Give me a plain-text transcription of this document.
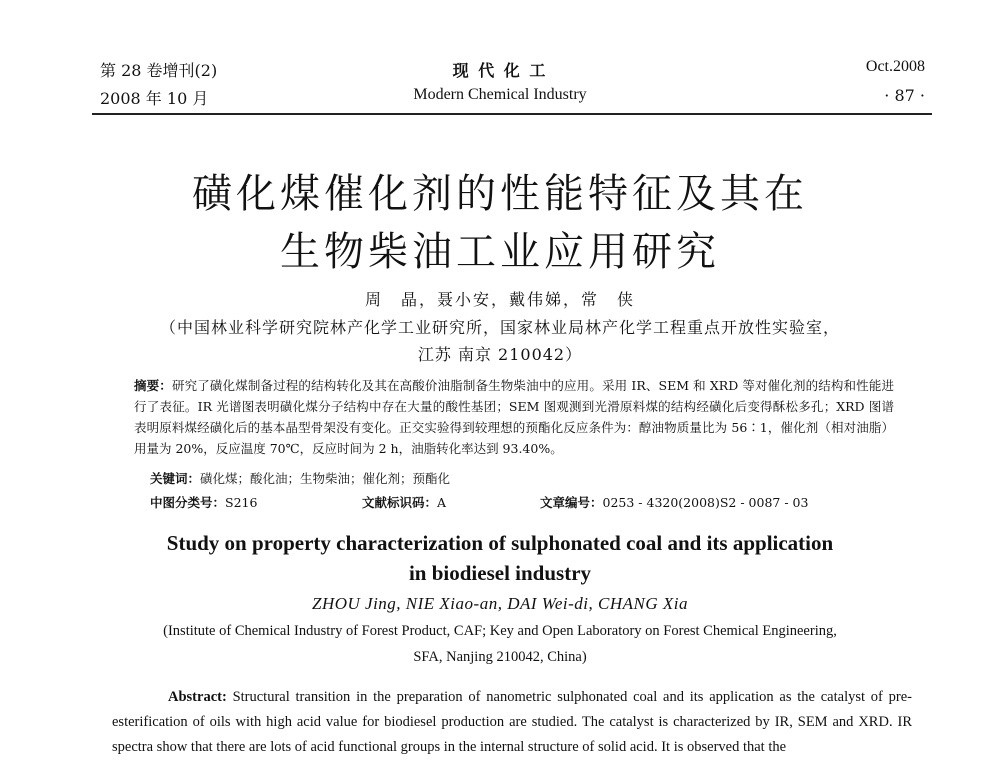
第 28 卷增刊(2)
2008 年 10 月
现 代 化 工
Modern Chemical Industry
Oct.2008
· 87 ·
磺化煤催化剂的性能特征及其在
生物柴油工业应用研究
周　晶，聂小安，戴伟娣，常　侠
（中国林业科学研究院林产化学工业研究所，国家林业局林产化学工程重点开放性实验室，
江苏 南京 210042）
摘要：研究了磺化煤制备过程的结构转化及其在高酸价油脂制备生物柴油中的应用。采用 IR、SEM 和 XRD 等对催化剂的结构和性能进行了表征。IR 光谱图表明磺化煤分子结构中存在大量的酸性基团；SEM 图观测到光滑原料煤的结构经磺化后变得酥松多孔；XRD 图谱表明原料煤经磺化后的基本晶型骨架没有变化。正交实验得到较理想的预酯化反应条件为：醇油物质量比为 56∶1，催化剂（相对油脂）用量为 20%，反应温度 70℃，反应时间为 2 h，油脂转化率达到 93.40%。
关键词：磺化煤；酸化油；生物柴油；催化剂；预酯化
中图分类号：S216	文献标识码：A	文章编号：0253 - 4320(2008)S2 - 0087 - 03
Study on property characterization of sulphonated coal and its application
in biodiesel industry
ZHOU Jing, NIE Xiao-an, DAI Wei-di, CHANG Xia
(Institute of Chemical Industry of Forest Product, CAF; Key and Open Laboratory on Forest Chemical Engineering,
SFA, Nanjing 210042, China)
Abstract: Structural transition in the preparation of nanometric sulphonated coal and its application as the catalyst of pre-esterification of oils with high acid value for biodiesel production are studied. The catalyst is characterized by IR, SEM and XRD. IR spectra show that there are lots of acid functional groups in the internal structure of solid acid. It is observed that the
